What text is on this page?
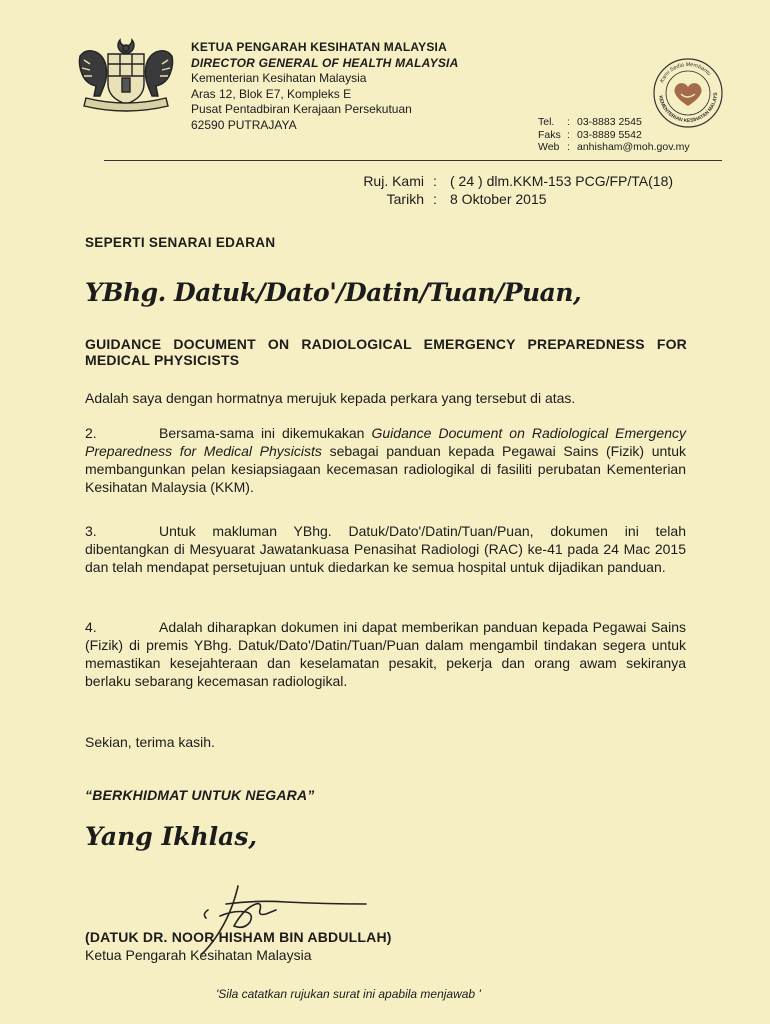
KETUA PENGARAH KESIHATAN MALAYSIA
DIRECTOR GENERAL OF HEALTH MALAYSIA
Kementerian Kesihatan Malaysia
Aras 12, Blok E7, Kompleks E
Pusat Pentadbiran Kerajaan Persekutuan
62590 PUTRAJAYA
Kami Sedia Membantu
KEMENTERIAN KESIHATAN MALAYS
Tel.	: 03-8883 2545
Faks : 03-8889 5542
Web : anhisham@moh.gov.my
Ruj. Kami : ( 24 ) dlm.KKM-153 PCG/FP/TA(18)
Tarikh : 8 Oktober 2015
SEPERTI SENARAI EDARAN
YBhg. Datuk/Dato'/Datin/Tuan/Puan,
GUIDANCE DOCUMENT ON RADIOLOGICAL EMERGENCY PREPAREDNESS FOR MEDICAL PHYSICISTS
Adalah saya dengan hormatnya merujuk kepada perkara yang tersebut di atas.
2.	Bersama-sama ini dikemukakan Guidance Document on Radiological Emergency Preparedness for Medical Physicists sebagai panduan kepada Pegawai Sains (Fizik) untuk membangunkan pelan kesiapsiagaan kecemasan radiologikal di fasiliti perubatan Kementerian Kesihatan Malaysia (KKM).
3.	Untuk makluman YBhg. Datuk/Dato'/Datin/Tuan/Puan, dokumen ini telah dibentangkan di Mesyuarat Jawatankuasa Penasihat Radiologi (RAC) ke-41 pada 24 Mac 2015 dan telah mendapat persetujuan untuk diedarkan ke semua hospital untuk dijadikan panduan.
4.	Adalah diharapkan dokumen ini dapat memberikan panduan kepada Pegawai Sains (Fizik) di premis YBhg. Datuk/Dato'/Datin/Tuan/Puan dalam mengambil tindakan segera untuk memastikan kesejahteraan dan keselamatan pesakit, pekerja dan orang awam sekiranya berlaku sebarang kecemasan radiologikal.
Sekian, terima kasih.
“BERKHIDMAT UNTUK NEGARA”
Yang Ikhlas,
(DATUK DR. NOOR HISHAM BIN ABDULLAH)
Ketua Pengarah Kesihatan Malaysia
'Sila catatkan rujukan surat ini apabila menjawab '
